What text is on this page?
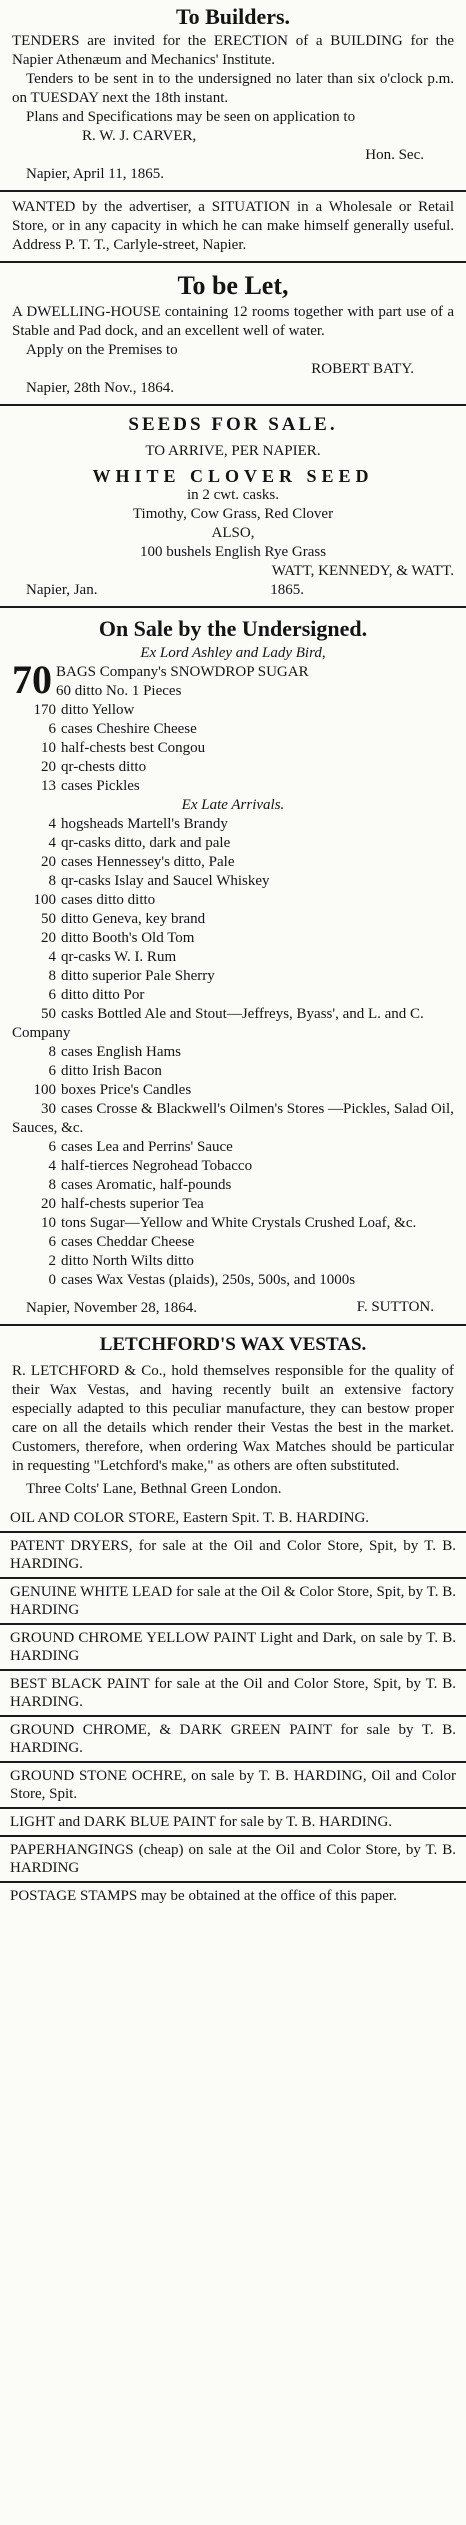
To Builders.

TENDERS are invited for the ERECTION of a BUILDING for the Napier Athenæum and Mechanics' Institute.

Tenders to be sent in to the undersigned no later than six o'clock p.m. on TUESDAY next the 18th instant.

Plans and Specifications may be seen on application to

R. W. J. CARVER,

Hon. Sec.

Napier, April 11, 1865.

WANTED by the advertiser, a SITUATION in a Wholesale or Retail Store, or in any capacity in which he can make himself generally useful. Address P. T. T., Carlyle-street, Napier.

To be Let,

A DWELLING-HOUSE containing 12 rooms together with part use of a Stable and Pad dock, and an excellent well of water.

Apply on the Premises to

ROBERT BATY.

Napier, 28th Nov., 1864.

SEEDS FOR SALE.

TO ARRIVE, PER NAPIER.

WHITE CLOVER SEED

in 2 cwt. casks.

Timothy, Cow Grass, Red Clover

ALSO,

100 bushels English Rye Grass

WATT, KENNEDY, & WATT.

Napier, Jan.	1865.

On Sale by the Undersigned.

Ex Lord Ashley and Lady Bird,

70 BAGS Company's SNOWDROP SUGAR

60 ditto No. 1 Pieces

170 ditto Yellow

6 cases Cheshire Cheese

10 half-chests best Congou

20 qr-chests ditto

13 cases Pickles

Ex Late Arrivals.

4 hogsheads Martell's Brandy

4 qr-casks ditto, dark and pale

20 cases Hennessey's ditto, Pale

8 qr-casks Islay and Saucel Whiskey

100 cases ditto ditto

50 ditto Geneva, key brand

20 ditto Booth's Old Tom

4 qr-casks W. I. Rum

8 ditto superior Pale Sherry

6 ditto ditto Por

50 casks Bottled Ale and Stout—Jeffreys, Byass', and L. and C. Company

8 cases English Hams

6 ditto Irish Bacon

100 boxes Price's Candles

30 cases Crosse & Blackwell's Oilmen's Stores —Pickles, Salad Oil, Sauces, &c.

6 cases Lea and Perrins' Sauce

4 half-tierces Negrohead Tobacco

8 cases Aromatic, half-pounds

20 half-chests superior Tea

10 tons Sugar—Yellow and White Crystals Crushed Loaf, &c.

6 cases Cheddar Cheese

2 ditto North Wilts ditto

0 cases Wax Vestas (plaids), 250s, 500s, and 1000s

F. SUTTON.

Napier, November 28, 1864.

LETCHFORD'S WAX VESTAS.

R. LETCHFORD & Co., hold themselves responsible for the quality of their Wax Vestas, and having recently built an extensive factory especially adapted to this peculiar manufacture, they can bestow proper care on all the details which render their Vestas the best in the market. Customers, therefore, when ordering Wax Matches should be particular in requesting "Letchford's make," as others are often substituted.

Three Colts' Lane, Bethnal Green London.

OIL AND COLOR STORE, Eastern Spit. T. B. HARDING.

PATENT DRYERS, for sale at the Oil and Color Store, Spit, by T. B. HARDING.

GENUINE WHITE LEAD for sale at the Oil & Color Store, Spit, by T. B. HARDING

GROUND CHROME YELLOW PAINT Light and Dark, on sale by T. B. HARDING

BEST BLACK PAINT for sale at the Oil and Color Store, Spit, by T. B. HARDING.

GROUND CHROME, & DARK GREEN PAINT for sale by T. B. HARDING.

GROUND STONE OCHRE, on sale by T. B. HARDING, Oil and Color Store, Spit.

LIGHT and DARK BLUE PAINT for sale by T. B. HARDING.

PAPERHANGINGS (cheap) on sale at the Oil and Color Store, by T. B. HARDING

POSTAGE STAMPS may be obtained at the office of this paper.
